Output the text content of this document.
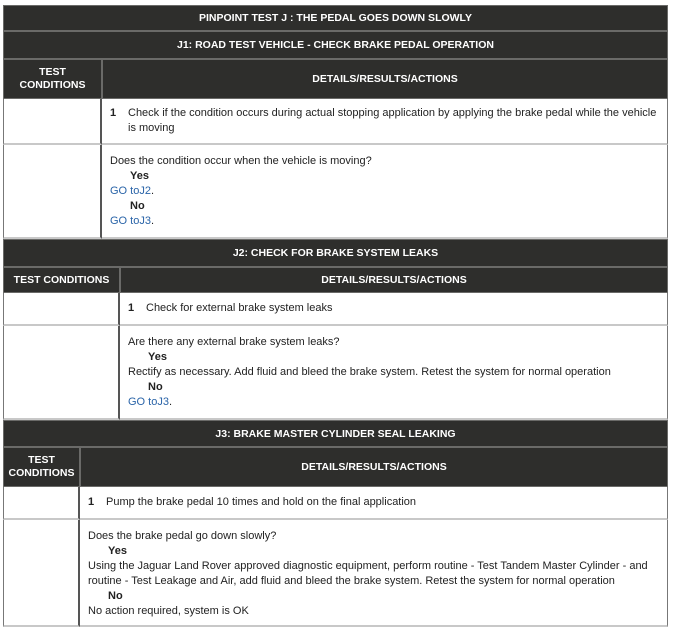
PINPOINT TEST J : THE PEDAL GOES DOWN SLOWLY
J1: ROAD TEST VEHICLE - CHECK BRAKE PEDAL OPERATION
TEST CONDITIONS
DETAILS/RESULTS/ACTIONS
1	Check if the condition occurs during actual stopping application by applying the brake pedal while the vehicle is moving
Does the condition occur when the vehicle is moving?
Yes
GO toJ2.
No
GO toJ3.
J2: CHECK FOR BRAKE SYSTEM LEAKS
TEST CONDITIONS	DETAILS/RESULTS/ACTIONS
1	Check for external brake system leaks
Are there any external brake system leaks?
Yes
Rectify as necessary. Add fluid and bleed the brake system. Retest the system for normal operation
No
GO toJ3.
J3: BRAKE MASTER CYLINDER SEAL LEAKING
TEST CONDITIONS
DETAILS/RESULTS/ACTIONS
1	Pump the brake pedal 10 times and hold on the final application
Does the brake pedal go down slowly?
Yes
Using the Jaguar Land Rover approved diagnostic equipment, perform routine - Test Tandem Master Cylinder - and routine - Test Leakage and Air, add fluid and bleed the brake system. Retest the system for normal operation
No
No action required, system is OK
